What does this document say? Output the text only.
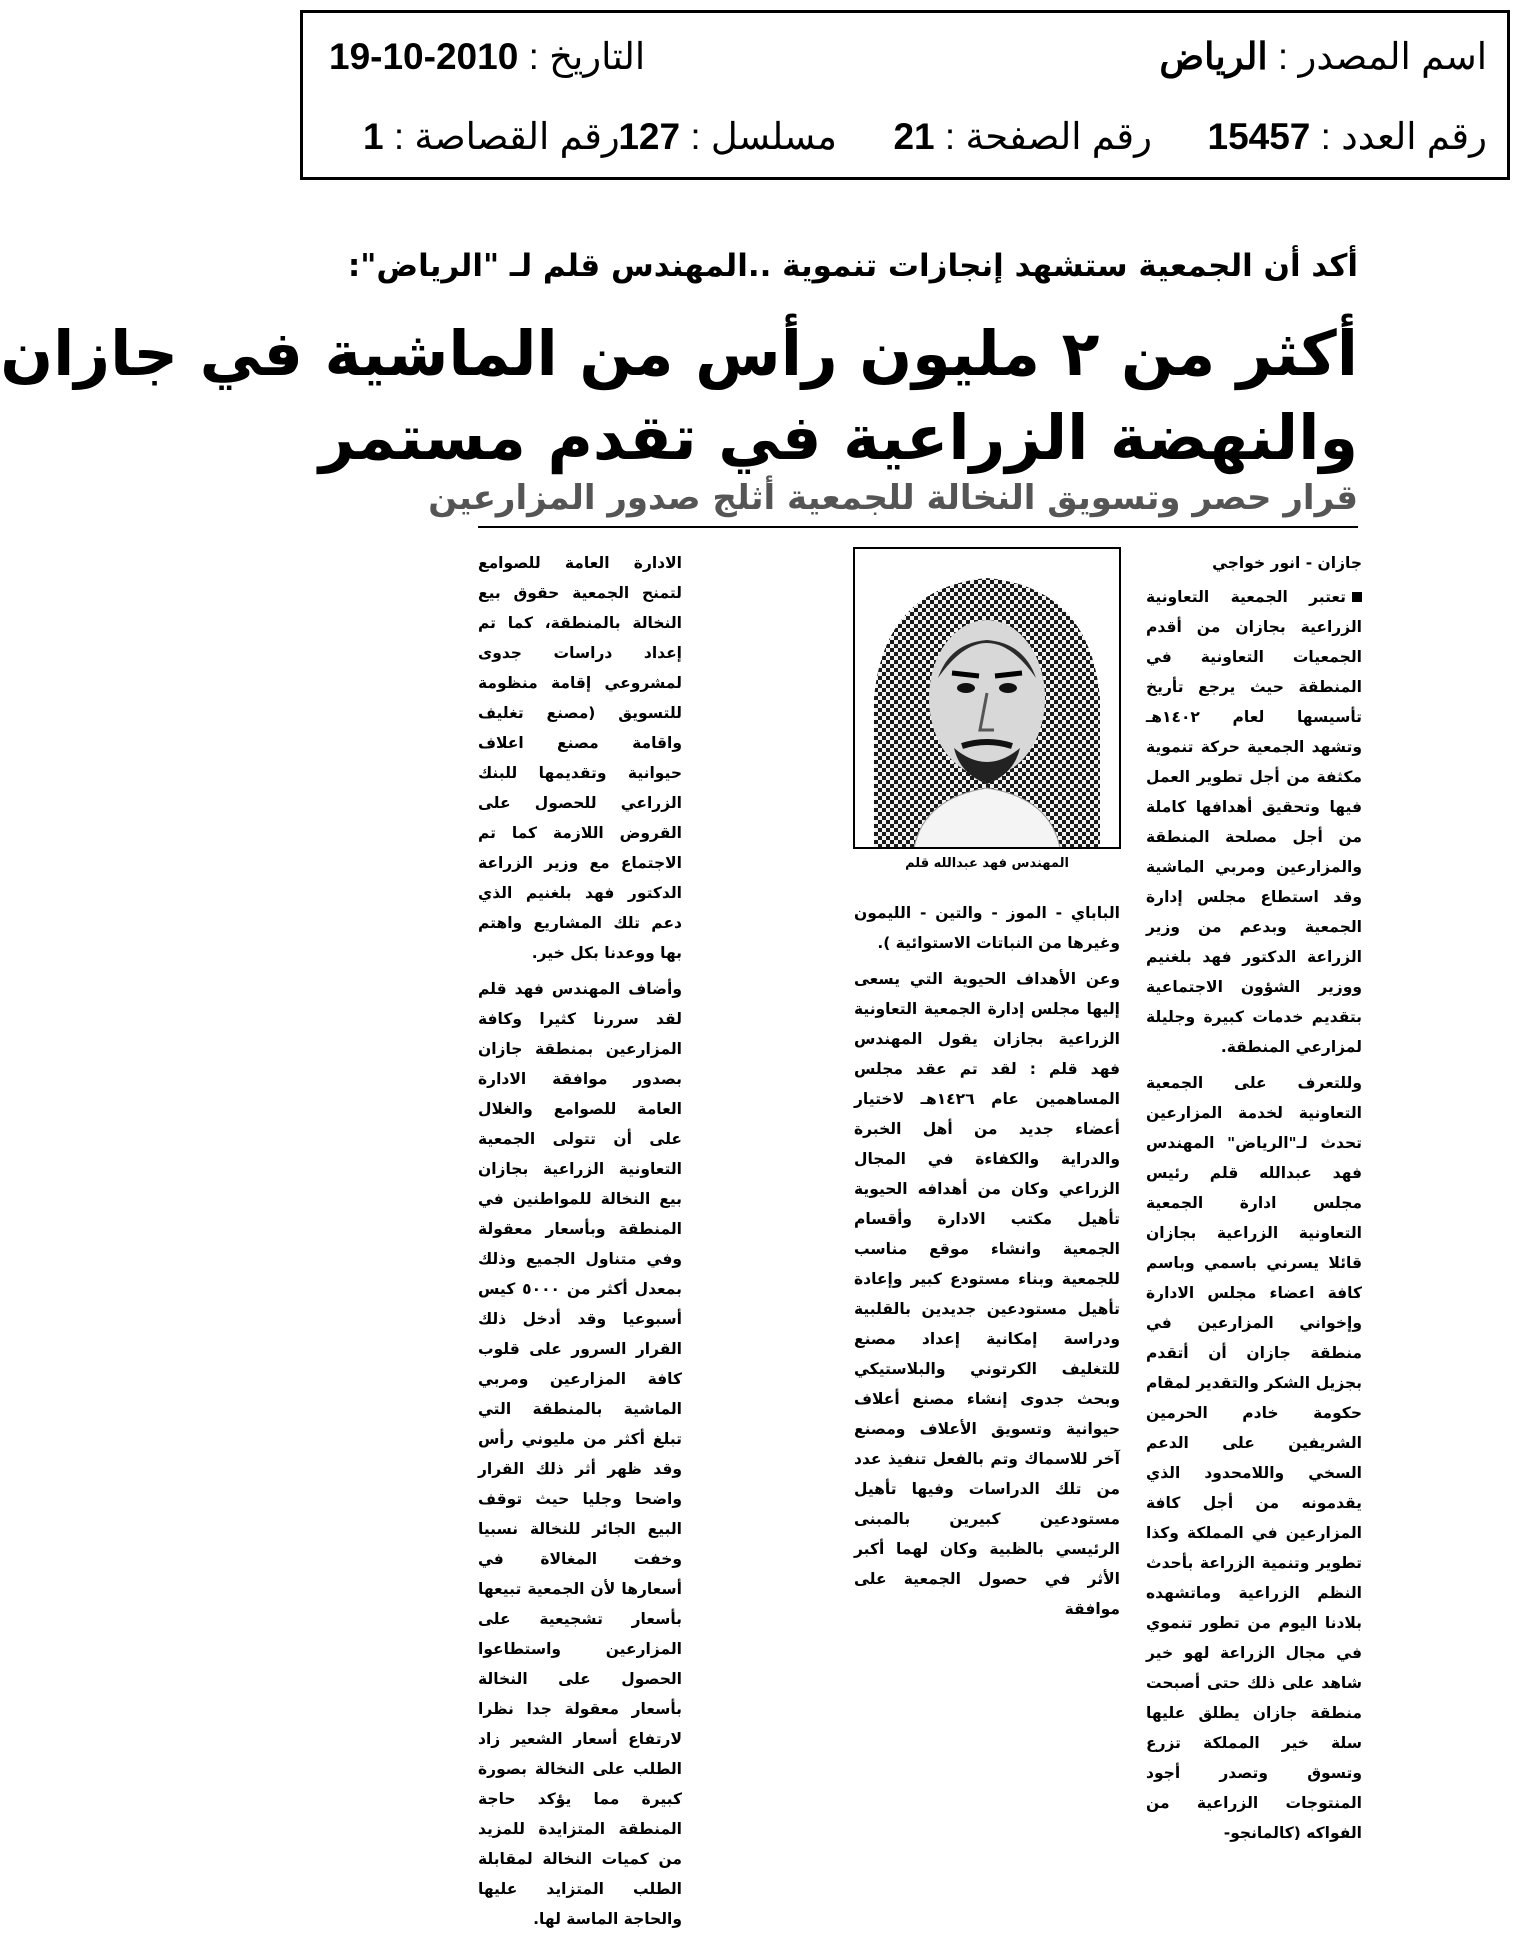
اسم المصدر : الرياض
التاريخ : 2010-10-19
رقم العدد : 15457
رقم الصفحة : 21
مسلسل : 127
رقم القصاصة : 1
أكد أن الجمعية ستشهد إنجازات تنموية ..المهندس قلم لـ "الرياض":
أكثر من ٢ مليون رأس من الماشية في جازان
والنهضة الزراعية في تقدم مستمر
قرار حصر وتسويق النخالة للجمعية أثلج صدور المزارعين
جازان - انور خواجي

تعتبر الجمعية التعاونية الزراعية بجازان من أقدم الجمعيات التعاونية في المنطقة حيث يرجع تأريخ تأسيسها لعام ١٤٠٢هـ وتشهد الجمعية حركة تنموية مكثفة من أجل تطوير العمل فيها وتحقيق أهدافها كاملة من أجل مصلحة المنطقة والمزارعين ومربي الماشية وقد استطاع مجلس إدارة الجمعية وبدعم من وزير الزراعة الدكتور فهد بلغنيم ووزير الشؤون الاجتماعية بتقديم خدمات كبيرة وجليلة لمزارعي المنطقة.

وللتعرف على الجمعية التعاونية لخدمة المزارعين تحدث لـ"الرياض" المهندس فهد عبدالله قلم رئيس مجلس ادارة الجمعية التعاونية الزراعية بجازان قائلا يسرني باسمي وباسم كافة اعضاء مجلس الادارة وإخواني المزارعين في منطقة جازان أن أتقدم بجزيل الشكر والتقدير لمقام حكومة خادم الحرمين الشريفين على الدعم السخي واللامحدود الذي يقدمونه من أجل كافة المزارعين في المملكة وكذا تطوير وتنمية الزراعة بأحدث النظم الزراعية وماتشهده بلادنا اليوم من تطور تنموي في مجال الزراعة لهو خير شاهد على ذلك حتى أصبحت منطقة جازان يطلق عليها سلة خير المملكة تزرع وتسوق وتصدر أجود المنتوجات الزراعية من الفواكه (كالمانجو-

المهندس فهد عبدالله قلم

الباباي - الموز - والتين - الليمون وغيرها من النباتات الاستوائية ).

وعن الأهداف الحيوية التي يسعى إليها مجلس إدارة الجمعية التعاونية الزراعية بجازان يقول المهندس فهد قلم : لقد تم عقد مجلس المساهمين عام ١٤٢٦هـ لاختيار أعضاء جديد من أهل الخبرة والدراية والكفاءة في المجال الزراعي وكان من أهدافه الحيوية تأهيل مكتب الادارة وأقسام الجمعية وانشاء موقع مناسب للجمعية وبناء مستودع كبير وإعادة تأهيل مستودعين جديدين بالقلبية ودراسة إمكانية إعداد مصنع للتغليف الكرتوني والبلاستيكي وبحث جدوى إنشاء مصنع أعلاف حيوانية وتسويق الأعلاف ومصنع آخر للاسماك وتم بالفعل تنفيذ عدد من تلك الدراسات وفيها تأهيل مستودعين كبيرين بالمبنى الرئيسي بالظبية وكان لهما أكبر الأثر في حصول الجمعية على موافقة

الادارة العامة للصوامع لتمنح الجمعية حقوق بيع النخالة بالمنطقة، كما تم إعداد دراسات جدوى لمشروعي إقامة منظومة للتسويق (مصنع تغليف واقامة مصنع اعلاف حيوانية وتقديمها للبنك الزراعي للحصول على القروض اللازمة كما تم الاجتماع مع وزير الزراعة الدكتور فهد بلغنيم الذي دعم تلك المشاريع واهتم بها ووعدنا بكل خير.

وأضاف المهندس فهد قلم لقد سررنا كثيرا وكافة المزارعين بمنطقة جازان بصدور موافقة الادارة العامة للصوامع والغلال على أن تتولى الجمعية التعاونية الزراعية بجازان بيع النخالة للمواطنين في المنطقة وبأسعار معقولة وفي متناول الجميع وذلك بمعدل أكثر من ٥٠٠٠ كيس أسبوعيا وقد أدخل ذلك القرار السرور على قلوب كافة المزارعين ومربي الماشية بالمنطقة التي تبلغ أكثر من مليوني رأس وقد ظهر أثر ذلك القرار واضحا وجليا حيث توقف البيع الجائر للنخالة نسبيا وخفت المغالاة في أسعارها لأن الجمعية تبيعها بأسعار تشجيعية على المزارعين واستطاعوا الحصول على النخالة بأسعار معقولة جدا نظرا لارتفاع أسعار الشعير زاد الطلب على النخالة بصورة كبيرة مما يؤكد حاجة المنطقة المتزايدة للمزيد من كميات النخالة لمقابلة الطلب المتزايد عليها والحاجة الماسة لها.
